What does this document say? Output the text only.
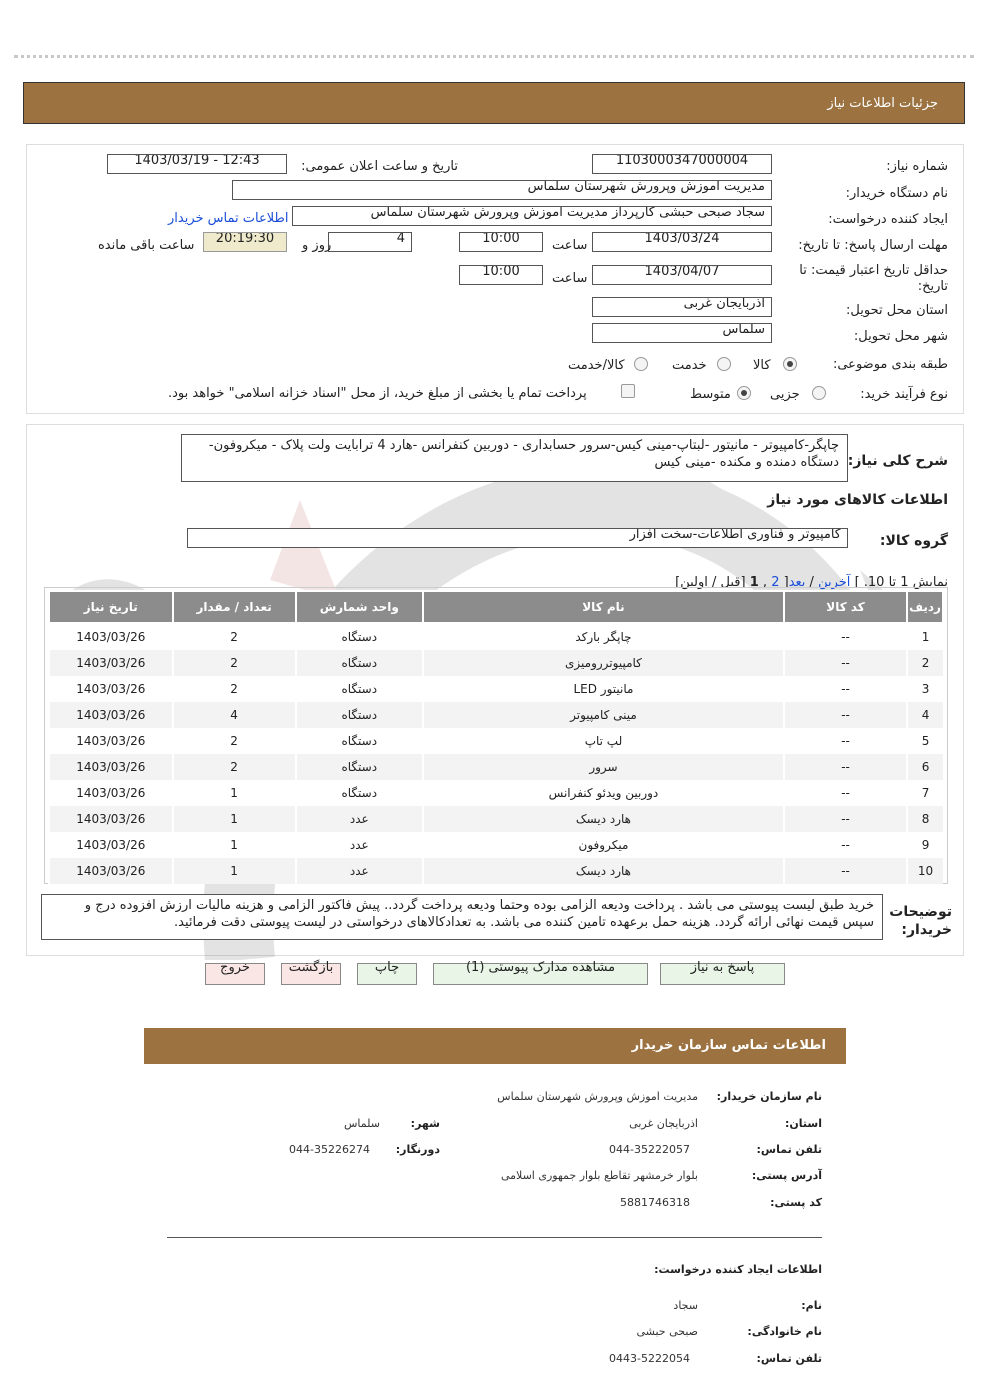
جزئیات اطلاعات نیاز
شماره نیاز:
1103000347000004
تاریخ و ساعت اعلان عمومی:
1403/03/19 - 12:43
نام دستگاه خریدار:
مدیریت اموزش وپرورش شهرستان سلماس
ایجاد کننده درخواست:
سجاد صبحی حبشی کارپرداز مدیریت اموزش وپرورش شهرستان سلماس
اطلاعات تماس خریدار
مهلت ارسال پاسخ: تا تاریخ:
1403/03/24
ساعت
10:00
4
روز و
20:19:30
ساعت باقی مانده
حداقل تاریخ اعتبار قیمت: تا تاریخ:
1403/04/07
ساعت
10:00
استان محل تحویل:
اذربایجان غربی
شهر محل تحویل:
سلماس
طبقه بندی موضوعی:
کالا
خدمت
کالا/خدمت
نوع فرآیند خرید:
جزیی
متوسط
پرداخت تمام یا بخشی از مبلغ خرید، از محل "اسناد خزانه اسلامی" خواهد بود.
شرح کلی نیاز:
چاپگر-کامپیوتر - مانیتور -لبتاپ-مینی کیس-سرور حسابداری - دوربین کنفرانس -هارد 4 ترابایت ولت پلاک - میکروفون-دستگاه دمنده و مکنده -مینی کیس
اطلاعات کالاهای مورد نیاز
گروه کالا:
کامپیوتر و فناوری اطلاعات-سخت افزار
نمایش 1 تا 10. ] آخرین / بعد[ 2 , 1 [قبل / اولین]
ردیف	کد کالا	نام کالا	واحد شمارش	تعداد / مقدار	تاریخ نیاز
1	--	چاپگر بارکد	دستگاه	2	1403/03/26
2	--	کامپیوتررومیزی	دستگاه	2	1403/03/26
3	--	مانیتور LED	دستگاه	2	1403/03/26
4	--	مینی کامپیوتر	دستگاه	4	1403/03/26
5	--	لپ تاپ	دستگاه	2	1403/03/26
6	--	سرور	دستگاه	2	1403/03/26
7	--	دوربین ویدئو کنفرانس	دستگاه	1	1403/03/26
8	--	هارد دیسک	عدد	1	1403/03/26
9	--	میکروفون	عدد	1	1403/03/26
10	--	هارد دیسک	عدد	1	1403/03/26
توضیحات خریدار:
خرید طبق لیست پیوستی می باشد . پرداخت ودیعه الزامی بوده وحتما ودیعه پرداخت گردد.. پیش فاکتور الزامی و هزینه مالیات ارزش افزوده درج و سپس قیمت نهائی ارائه گردد. هزینه حمل برعهده تامین کننده می باشد. به تعدادکالاهای درخواستی در لیست پیوستی دقت فرمائید.
پاسخ به نیاز
مشاهده مدارک پیوستی (1)
چاپ
بازگشت
خروج
اطلاعات تماس سازمان خریدار
نام سازمان خریدار:
مدیریت اموزش وپرورش شهرستان سلماس
استان:
اذربایجان غربی
شهر:
سلماس
تلفن تماس:
044-35222057
دورنگار:
044-35226274
آدرس پستی:
بلوار خرمشهر تقاطع بلوار جمهوری اسلامی
کد پستی:
5881746318
اطلاعات ایجاد کننده درخواست:
نام:
سجاد
نام خانوادگی:
صبحی حبشی
تلفن تماس:
0443-5222054
